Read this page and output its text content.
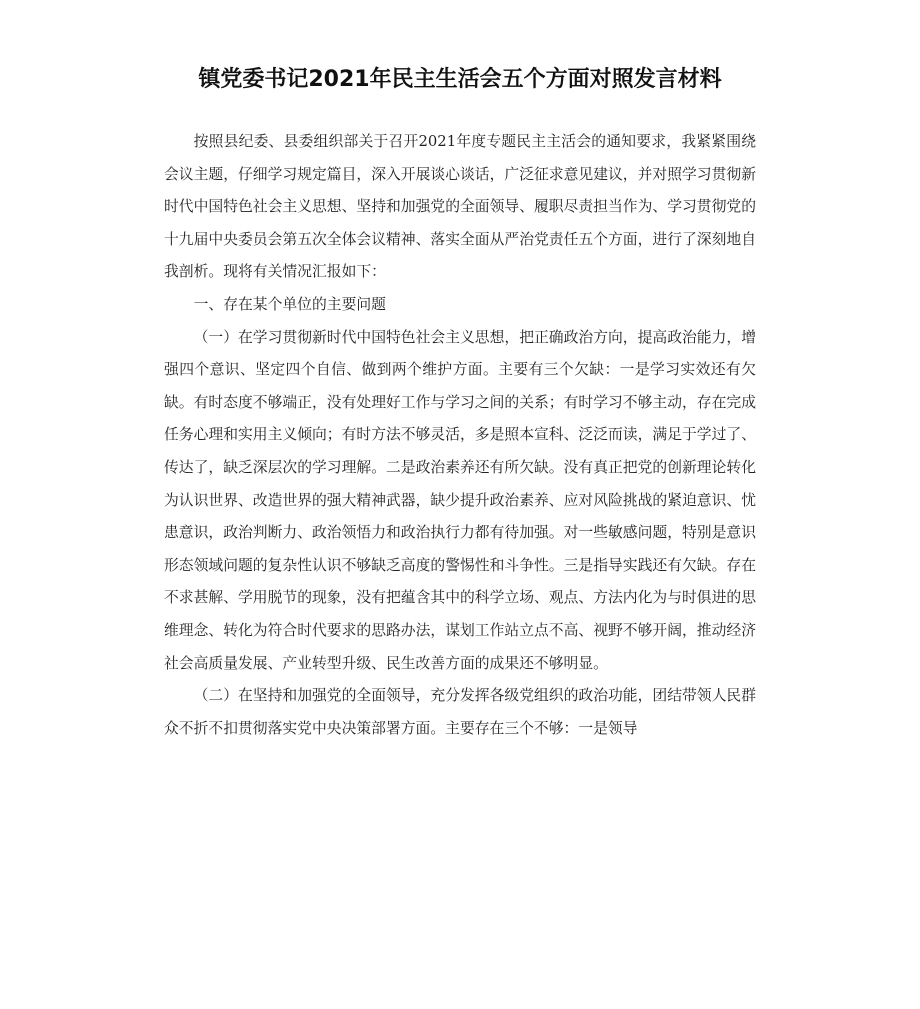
镇党委书记2021年民主生活会五个方面对照发言材料

按照县纪委、县委组织部关于召开2021年度专题民主主活会的通知要求，我紧紧围绕会议主题，仔细学习规定篇目，深入开展谈心谈话，广泛征求意见建议，并对照学习贯彻新时代中国特色社会主义思想、坚持和加强党的全面领导、履职尽责担当作为、学习贯彻党的十九届中央委员会第五次全体会议精神、落实全面从严治党责任五个方面，进行了深刻地自我剖析。现将有关情况汇报如下：

一、存在某个单位的主要问题

（一）在学习贯彻新时代中国特色社会主义思想，把正确政治方向，提高政治能力，增强四个意识、坚定四个自信、做到两个维护方面。主要有三个欠缺：一是学习实效还有欠缺。有时态度不够端正，没有处理好工作与学习之间的关系；有时学习不够主动，存在完成任务心理和实用主义倾向；有时方法不够灵活，多是照本宣科、泛泛而读，满足于学过了、传达了，缺乏深层次的学习理解。二是政治素养还有所欠缺。没有真正把党的创新理论转化为认识世界、改造世界的强大精神武器，缺少提升政治素养、应对风险挑战的紧迫意识、忧患意识，政治判断力、政治领悟力和政治执行力都有待加强。对一些敏感问题，特别是意识形态领域问题的复杂性认识不够缺乏高度的警惕性和斗争性。三是指导实践还有欠缺。存在不求甚解、学用脱节的现象，没有把蕴含其中的科学立场、观点、方法内化为与时俱进的思维理念、转化为符合时代要求的思路办法，谋划工作站立点不高、视野不够开阔，推动经济社会高质量发展、产业转型升级、民生改善方面的成果还不够明显。

（二）在坚持和加强党的全面领导，充分发挥各级党组织的政治功能，团结带领人民群众不折不扣贯彻落实党中央决策部署方面。主要存在三个不够：一是领导
